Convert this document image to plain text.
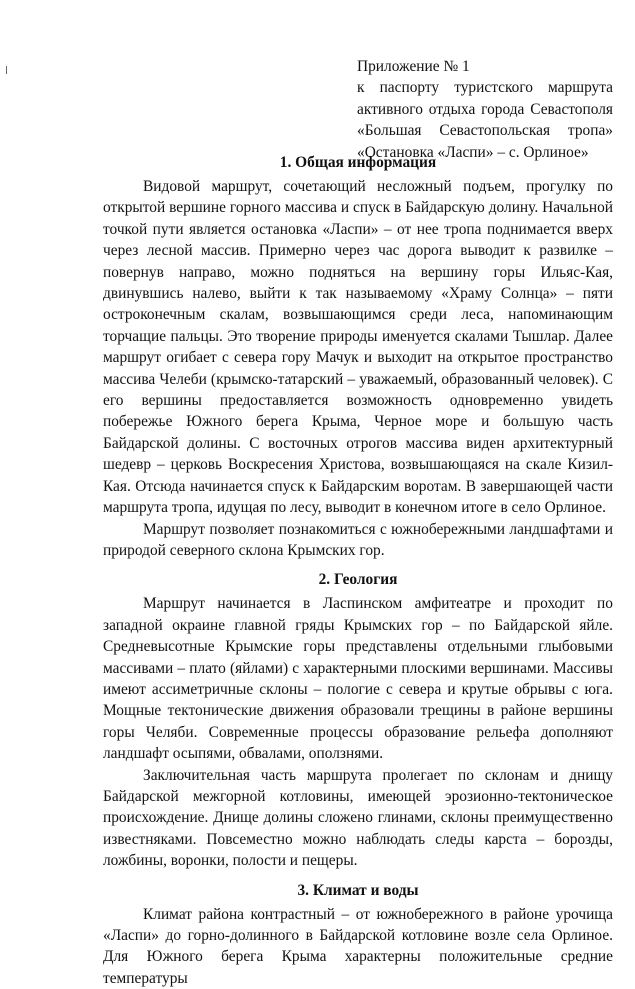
Приложение № 1
к паспорту туристского маршрута
активного отдыха города Севастополя
«Большая Севастопольская тропа»
«Остановка «Ласпи» – с. Орлиное»
1. Общая информация

Видовой маршрут, сочетающий несложный подъем, прогулку по открытой вершине горного массива и спуск в Байдарскую долину. Начальной точкой пути является остановка «Ласпи» – от нее тропа поднимается вверх через лесной массив. Примерно через час дорога выводит к развилке – повернув направо, можно подняться на вершину горы Ильяс-Кая, двинувшись налево, выйти к так называемому «Храму Солнца» – пяти остроконечным скалам, возвышающимся среди леса, напоминающим торчащие пальцы. Это творение природы именуется скалами Тышлар. Далее маршрут огибает с севера гору Мачук и выходит на открытое пространство массива Челеби (крымско-татарский – уважаемый, образованный человек). С его вершины предоставляется возможность одновременно увидеть побережье Южного берега Крыма, Черное море и большую часть Байдарской долины. С восточных отрогов массива виден архитектурный шедевр – церковь Воскресения Христова, возвышающаяся на скале Кизил-Кая. Отсюда начинается спуск к Байдарским воротам. В завершающей части маршрута тропа, идущая по лесу, выводит в конечном итоге в село Орлиное.

Маршрут позволяет познакомиться с южнобережными ландшафтами и природой северного склона Крымских гор.

2. Геология

Маршрут начинается в Ласпинском амфитеатре и проходит по западной окраине главной гряды Крымских гор – по Байдарской яйле. Средневысотные Крымские горы представлены отдельными глыбовыми массивами – плато (яйлами) с характерными плоскими вершинами. Массивы имеют ассиметричные склоны – пологие с севера и крутые обрывы с юга. Мощные тектонические движения образовали трещины в районе вершины горы Челяби. Современные процессы образование рельефа дополняют ландшафт осыпями, обвалами, оползнями.

Заключительная часть маршрута пролегает по склонам и днищу Байдарской межгорной котловины, имеющей эрозионно-тектоническое происхождение. Днище долины сложено глинами, склоны преимущественно известняками. Повсеместно можно наблюдать следы карста – борозды, ложбины, воронки, полости и пещеры.

3. Климат и воды

Климат района контрастный – от южнобережного в районе урочища «Ласпи» до горно-долинного в Байдарской котловине возле села Орлиное. Для Южного берега Крыма характерны положительные средние температуры
